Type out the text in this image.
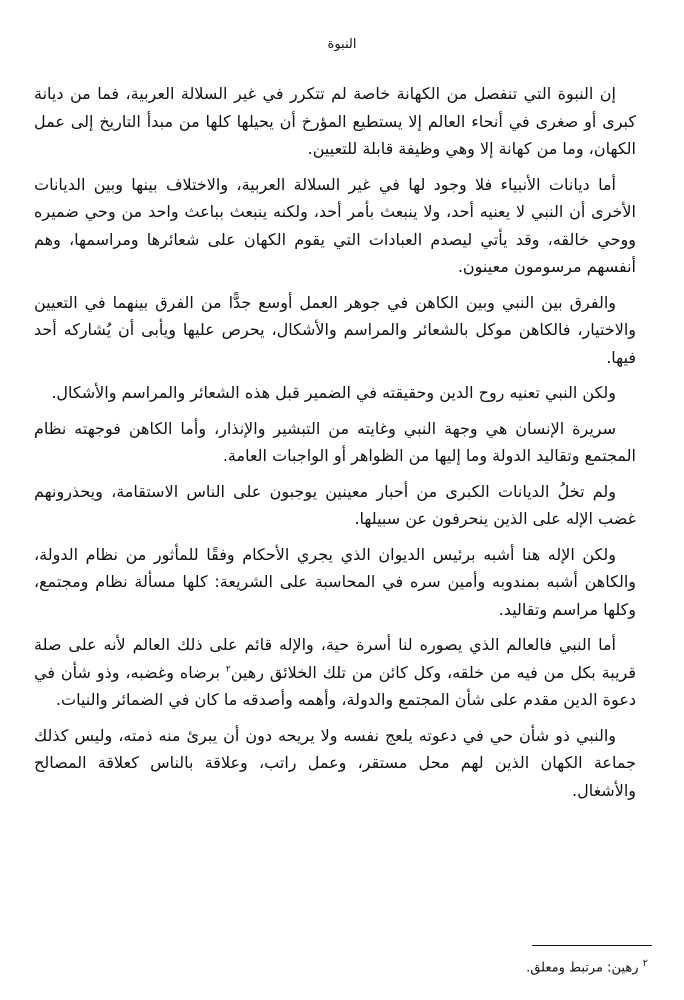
النبوة

إن النبوة التي تنفصل من الكهانة خاصة لم تتكرر في غير السلالة العربية، فما من ديانة كبرى أو صغرى في أنحاء العالم إلا يستطيع المؤرخ أن يحيلها كلها من مبدأ التاريخ إلى عمل الكهان، وما من كهانة إلا وهي وظيفة قابلة للتعيين.

أما ديانات الأنبياء فلا وجود لها في غير السلالة العربية، والاختلاف بينها وبين الديانات الأخرى أن النبي لا يعنيه أحد، ولا ينبعث بأمر أحد، ولكنه ينبعث بباعث واحد من وحي ضميره ووحي خالقه، وقد يأتي ليصدم العبادات التي يقوم الكهان على شعائرها ومراسمها، وهم أنفسهم مرسومون معينون.

والفرق بين النبي وبين الكاهن في جوهر العمل أوسع جدًّا من الفرق بينهما في التعيين والاختيار، فالكاهن موكل بالشعائر والمراسم والأشكال، يحرص عليها ويأبى أن يُشاركه أحد فيها.

ولكن النبي تعنيه روح الدين وحقيقته في الضمير قبل هذه الشعائر والمراسم والأشكال.

سريرة الإنسان هي وجهة النبي وغايته من التبشير والإنذار، وأما الكاهن فوجهته نظام المجتمع وتقاليد الدولة وما إليها من الظواهر أو الواجبات العامة.

ولم تخلُ الديانات الكبرى من أحبار معينين يوجبون على الناس الاستقامة، ويحذرونهم غضب الإله على الذين ينحرفون عن سبيلها.

ولكن الإله هنا أشبه برئيس الديوان الذي يجري الأحكام وفقًا للمأثور من نظام الدولة، والكاهن أشبه بمندوبه وأمين سره في المحاسبة على الشريعة: كلها مسألة نظام ومجتمع، وكلها مراسم وتقاليد.

أما النبي فالعالم الذي يصوره لنا أسرة حية، والإله قائم على ذلك العالم لأنه على صلة قريبة بكل من فيه من خلقه، وكل كائن من تلك الخلائق رهين$^٢$ برضاه وغضبه، وذو شأن في دعوة الدين مقدم على شأن المجتمع والدولة، وأهمه وأصدقه ما كان في الضمائر والنيات.

والنبي ذو شأن حي في دعوته يلعج نفسه ولا يريحه دون أن يبرئ منه ذمته، وليس كذلك جماعة الكهان الذين لهم محل مستقر، وعمل راتب، وعلاقة بالناس كعلاقة المصالح والأشغال.

$^٢$ رهين: مرتبط ومعلق.
